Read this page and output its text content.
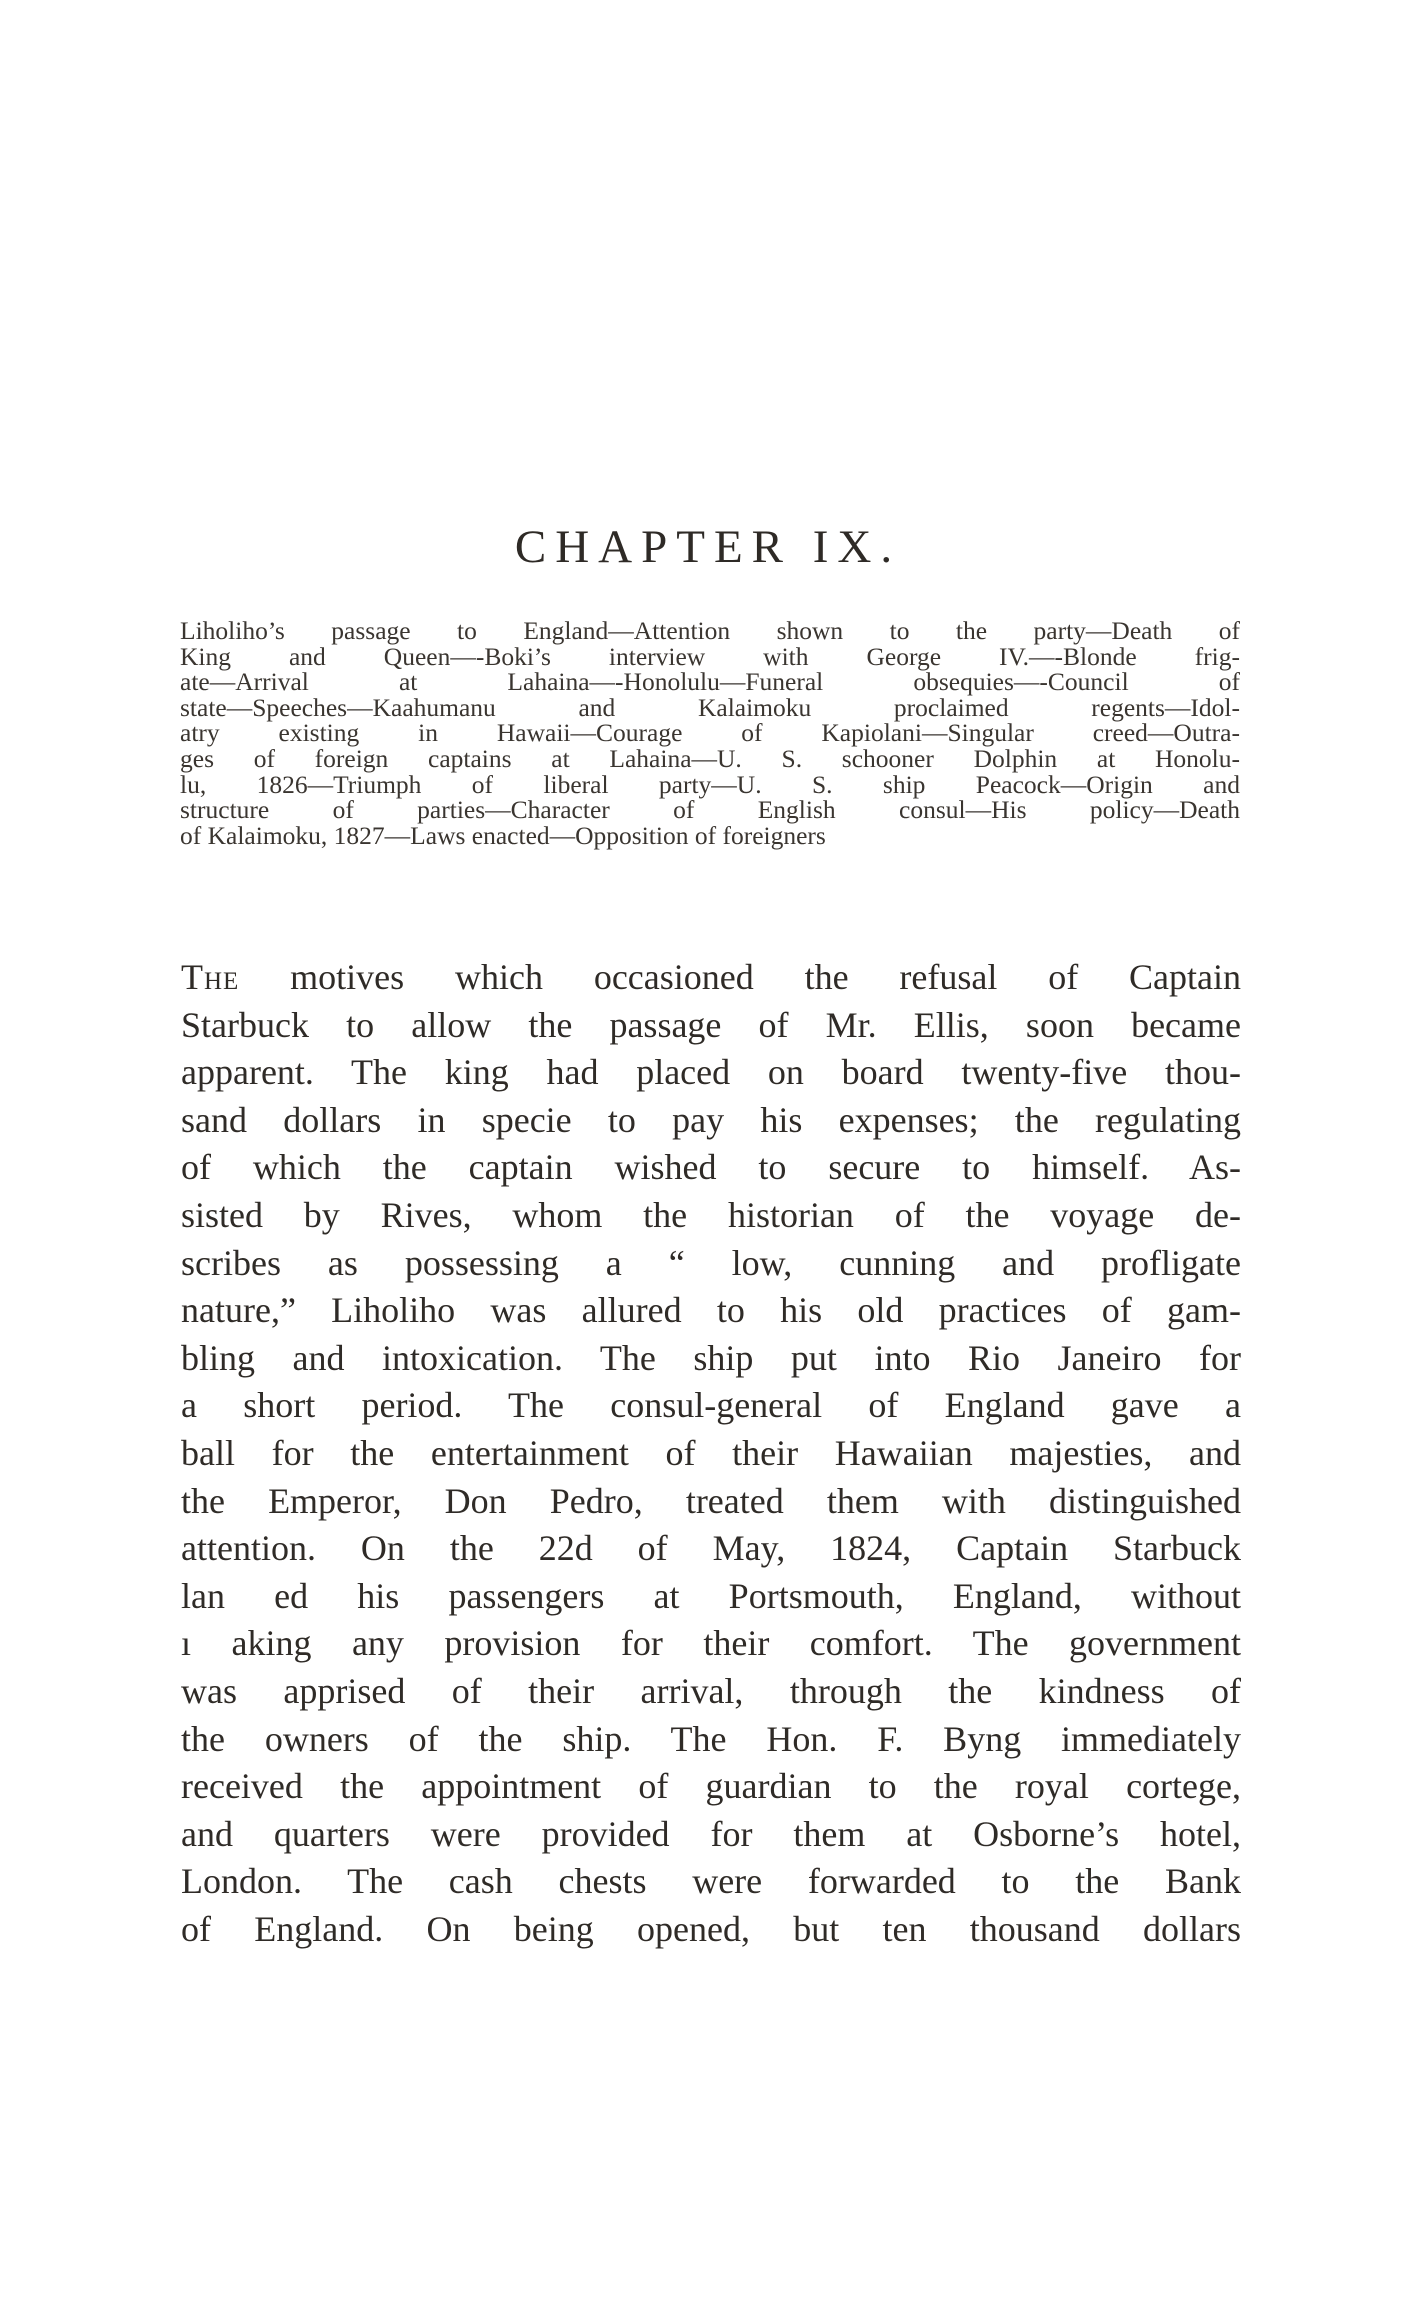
CHAPTER IX.
Liholiho’s passage to England—Attention shown to the party—Death of
King and Queen—-Boki’s interview with George IV.—-Blonde frig-
ate—Arrival at Lahaina—-Honolulu—Funeral obsequies—-Council of
state—Speeches—Kaahumanu and Kalaimoku proclaimed regents—Idol-
atry existing in Hawaii—Courage of Kapiolani—Singular creed—Outra-
ges of foreign captains at Lahaina—U. S. schooner Dolphin at Honolu-
lu, 1826—Triumph of liberal party—U. S. ship Peacock—Origin and
structure of parties—Character of English consul—His policy—Death
of Kalaimoku, 1827—Laws enacted—Opposition of foreigners
The motives which occasioned the refusal of Captain
Starbuck to allow the passage of Mr. Ellis, soon became
apparent. The king had placed on board twenty-five thou-
sand dollars in specie to pay his expenses; the regulating
of which the captain wished to secure to himself. As-
sisted by Rives, whom the historian of the voyage de-
scribes as possessing a “ low, cunning and profligate
nature,” Liholiho was allured to his old practices of gam-
bling and intoxication. The ship put into Rio Janeiro for
a short period. The consul-general of England gave a
ball for the entertainment of their Hawaiian majesties, and
the Emperor, Don Pedro, treated them with distinguished
attention. On the 22d of May, 1824, Captain Starbuck
lan ed his passengers at Portsmouth, England, without
ı aking any provision for their comfort. The government
was apprised of their arrival, through the kindness of
the owners of the ship. The Hon. F. Byng immediately
received the appointment of guardian to the royal cortege,
and quarters were provided for them at Osborne’s hotel,
London. The cash chests were forwarded to the Bank
of England. On being opened, but ten thousand dollars
